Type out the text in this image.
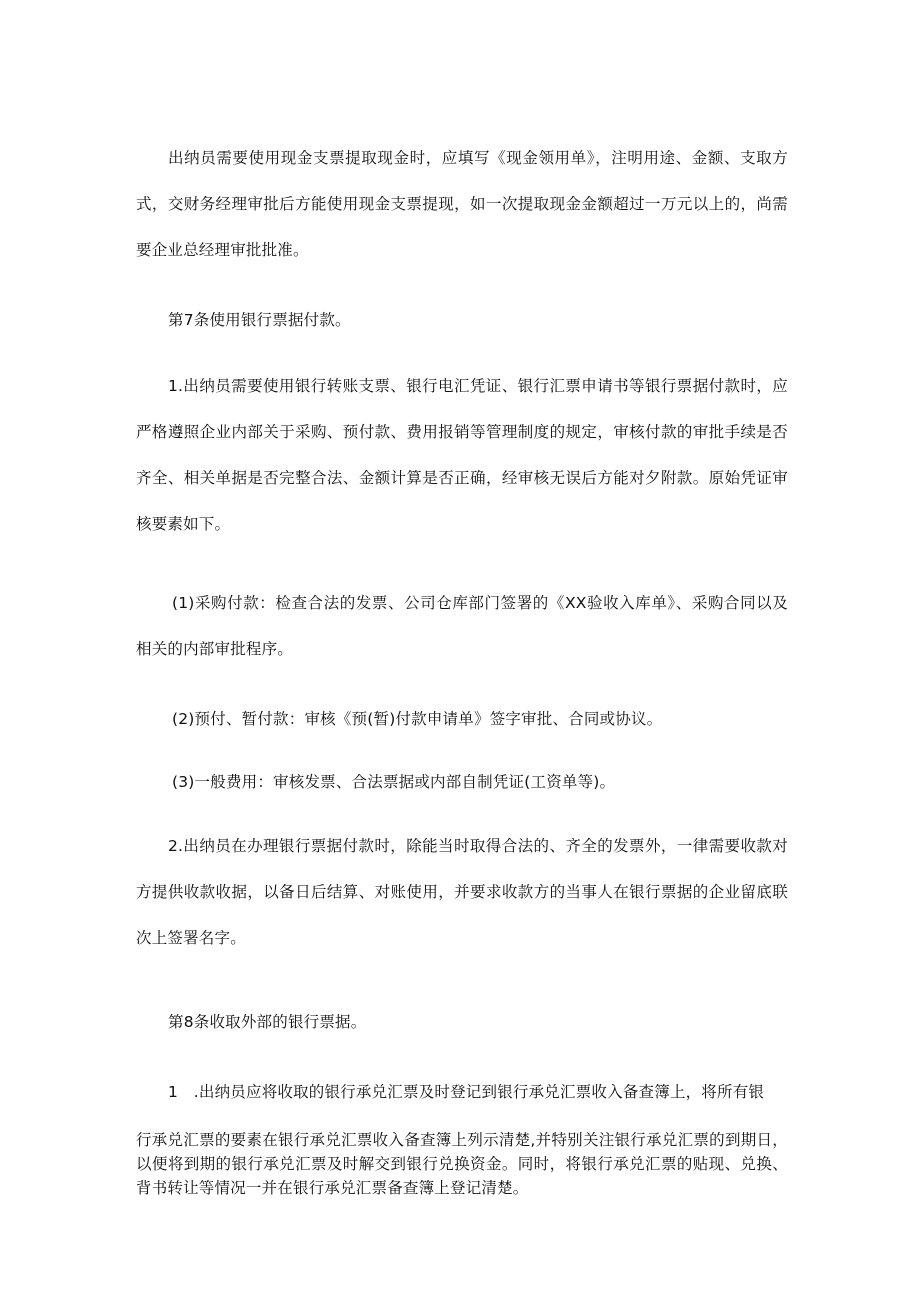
出纳员需要使用现金支票提取现金时，应填写《现金领用单》，注明用途、金额、支取方式，交财务经理审批后方能使用现金支票提现，如一次提取现金金额超过一万元以上的，尚需要企业总经理审批批准。

第7条使用银行票据付款。

1.出纳员需要使用银行转账支票、银行电汇凭证、银行汇票申请书等银行票据付款时，应严格遵照企业内部关于采购、预付款、费用报销等管理制度的规定，审核付款的审批手续是否齐全、相关单据是否完整合法、金额计算是否正确，经审核无误后方能对夕附款。原始凭证审核要素如下。

(1)采购付款：检查合法的发票、公司仓库部门签署的《XX验收入库单》、采购合同以及相关的内部审批程序。

(2)预付、暂付款：审核《预(暂)付款申请单》签字审批、合同或协议。
(3)一般费用：审核发票、合法票据或内部自制凭证(工资单等)。

2.出纳员在办理银行票据付款时，除能当时取得合法的、齐全的发票外，一律需要收款对方提供收款收据，以备日后结算、对账使用，并要求收款方的当事人在银行票据的企业留底联次上签署名字。

第8条收取外部的银行票据。
1　.出纳员应将收取的银行承兑汇票及时登记到银行承兑汇票收入备查簿上，将所有银

行承兑汇票的要素在银行承兑汇票收入备查簿上列示清楚,并特别关注银行承兑汇票的到期日，以便将到期的银行承兑汇票及时解交到银行兑换资金。同时，将银行承兑汇票的贴现、兑换、背书转让等情况一并在银行承兑汇票备查簿上登记清楚。
